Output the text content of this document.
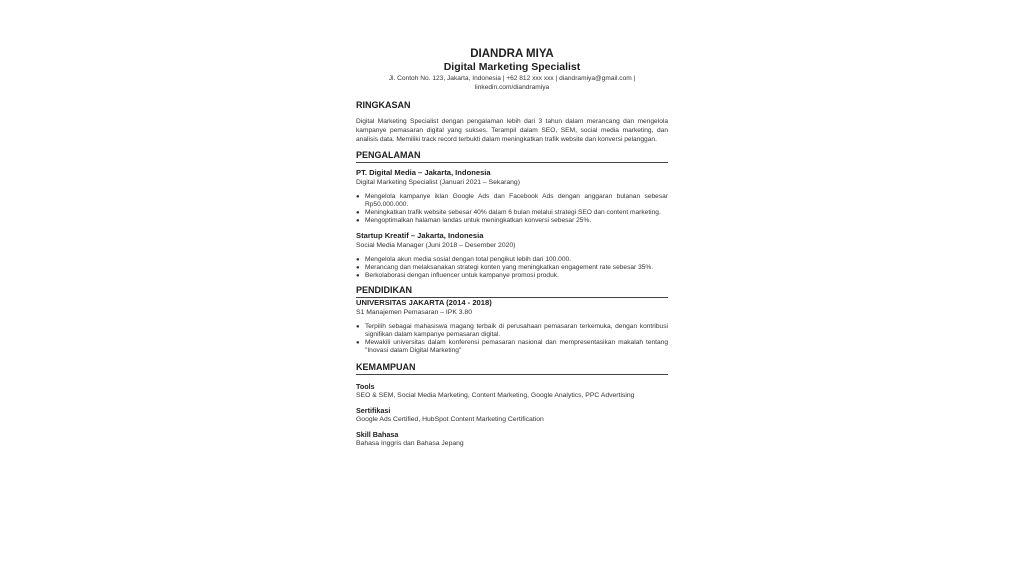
DIANDRA MIYA
Digital Marketing Specialist
Jl. Contoh No. 123, Jakarta, Indonesia | +62 812 xxx xxx | diandramiya@gmail.com |
linkedin.com/diandramiya
RINGKASAN
Digital Marketing Specialist dengan pengalaman lebih dari 3 tahun dalam merancang dan mengelola kampanye pemasaran digital yang sukses. Terampil dalam SEO, SEM, social media marketing, dan analisis data. Memiliki track record terbukti dalam meningkatkan trafik website dan konversi pelanggan.
PENGALAMAN
PT. Digital Media – Jakarta, Indonesia
Digital Marketing Specialist (Januari 2021 – Sekarang)
● Mengelola kampanye iklan Google Ads dan Facebook Ads dengan anggaran bulanan sebesar Rp50.000.000.
● Meningkatkan trafik website sebesar 40% dalam 6 bulan melalui strategi SEO dan content marketing.
● Mengoptimalkan halaman landas untuk meningkatkan konversi sebesar 25%.
Startup Kreatif – Jakarta, Indonesia
Social Media Manager (Juni 2018 – Desember 2020)
● Mengelola akun media sosial dengan total pengikut lebih dari 100.000.
● Merancang dan melaksanakan strategi konten yang meningkatkan engagement rate sebesar 35%.
● Berkolaborasi dengan influencer untuk kampanye promosi produk.
PENDIDIKAN
UNIVERSITAS JAKARTA (2014 - 2018)
S1 Manajemen Pemasaran – IPK 3.80
● Terpilih sebagai mahasiswa magang terbaik di perusahaan pemasaran terkemuka, dengan kontribusi signifikan dalam kampanye pemasaran digital.
● Mewakili universitas dalam konferensi pemasaran nasional dan mempresentasikan makalah tentang "Inovasi dalam Digital Marketing"
KEMAMPUAN
Tools
SEO & SEM, Social Media Marketing, Content Marketing, Google Analytics, PPC Advertising
Sertifikasi
Google Ads Certified, HubSpot Content Marketing Certification
Skill Bahasa
Bahasa Inggris dan Bahasa Jepang
